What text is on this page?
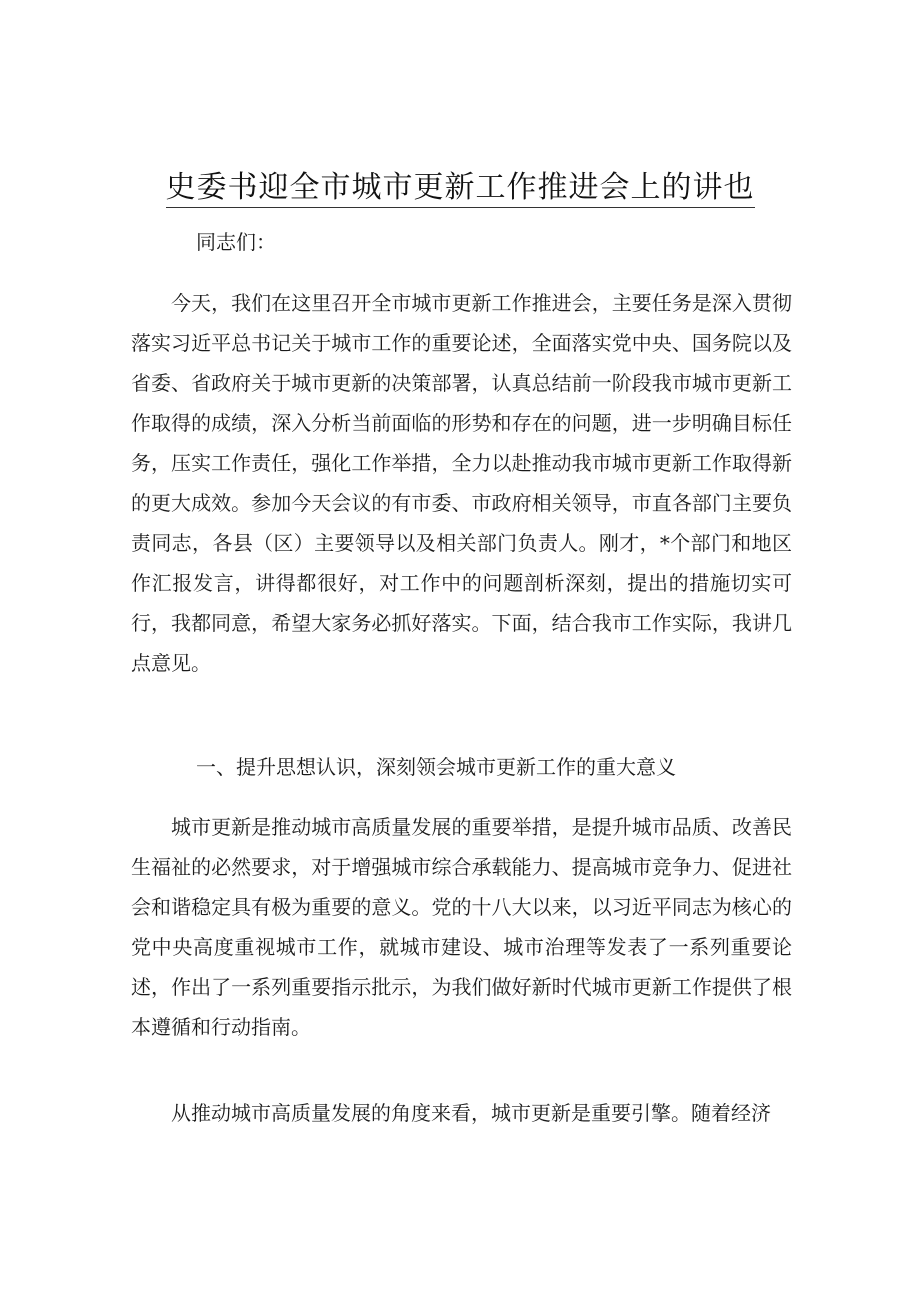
史委书迎全市城市更新工作推进会上的讲也

同志们：

今天，我们在这里召开全市城市更新工作推进会，主要任务是深入贯彻落实习近平总书记关于城市工作的重要论述，全面落实党中央、国务院以及省委、省政府关于城市更新的决策部署，认真总结前一阶段我市城市更新工作取得的成绩，深入分析当前面临的形势和存在的问题，进一步明确目标任务，压实工作责任，强化工作举措，全力以赴推动我市城市更新工作取得新的更大成效。参加今天会议的有市委、市政府相关领导，市直各部门主要负责同志，各县（区）主要领导以及相关部门负责人。刚才，*个部门和地区作汇报发言，讲得都很好，对工作中的问题剖析深刻，提出的措施切实可行，我都同意，希望大家务必抓好落实。下面，结合我市工作实际，我讲几点意见。

一、提升思想认识，深刻领会城市更新工作的重大意义

城市更新是推动城市高质量发展的重要举措，是提升城市品质、改善民生福祉的必然要求，对于增强城市综合承载能力、提高城市竞争力、促进社会和谐稳定具有极为重要的意义。党的十八大以来，以习近平同志为核心的党中央高度重视城市工作，就城市建设、城市治理等发表了一系列重要论述，作出了一系列重要指示批示，为我们做好新时代城市更新工作提供了根本遵循和行动指南。

从推动城市高质量发展的角度来看，城市更新是重要引擎。随着经济
